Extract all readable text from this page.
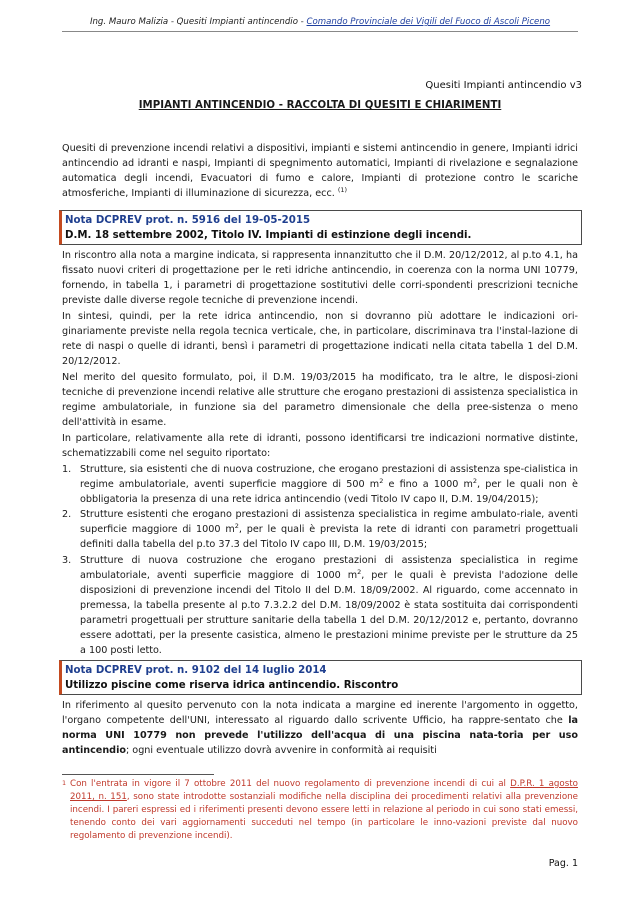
Ing. Mauro Malizia - Quesiti Impianti antincendio - Comando Provinciale dei Vigili del Fuoco di Ascoli Piceno
Quesiti Impianti antincendio v3
IMPIANTI ANTINCENDIO - RACCOLTA DI QUESITI E CHIARIMENTI
Quesiti di prevenzione incendi relativi a dispositivi, impianti e sistemi antincendio in genere, Impianti idrici antincendio ad idranti e naspi, Impianti di spegnimento automatici, Impianti di rivelazione e segnalazione automatica degli incendi, Evacuatori di fumo e calore, Impianti di protezione contro le scariche atmosferiche, Impianti di illuminazione di sicurezza, ecc. $^{(1)}$
Nota DCPREV prot. n. 5916 del 19-05-2015
D.M. 18 settembre 2002, Titolo IV. Impianti di estinzione degli incendi.
In riscontro alla nota a margine indicata, si rappresenta innanzitutto che il D.M. 20/12/2012, al p.to 4.1, ha fissato nuovi criteri di progettazione per le reti idriche antincendio, in coerenza con la norma UNI 10779, fornendo, in tabella 1, i parametri di progettazione sostitutivi delle corri-spondenti prescrizioni tecniche previste dalle diverse regole tecniche di prevenzione incendi.
In sintesi, quindi, per la rete idrica antincendio, non si dovranno più adottare le indicazioni ori-ginariamente previste nella regola tecnica verticale, che, in particolare, discriminava tra l'instal-lazione di rete di naspi o quelle di idranti, bensì i parametri di progettazione indicati nella citata tabella 1 del D.M. 20/12/2012.
Nel merito del quesito formulato, poi, il D.M. 19/03/2015 ha modificato, tra le altre, le disposi-zioni tecniche di prevenzione incendi relative alle strutture che erogano prestazioni di assistenza specialistica in regime ambulatoriale, in funzione sia del parametro dimensionale che della pree-sistenza o meno dell'attività in esame.
In particolare, relativamente alla rete di idranti, possono identificarsi tre indicazioni normative distinte, schematizzabili come nel seguito riportato:
1. Strutture, sia esistenti che di nuova costruzione, che erogano prestazioni di assistenza spe-cialistica in regime ambulatoriale, aventi superficie maggiore di 500 $m^2$ e fino a 1000 $m^2$, per le quali non è obbligatoria la presenza di una rete idrica antincendio (vedi Titolo IV capo II, D.M. 19/04/2015);
2. Strutture esistenti che erogano prestazioni di assistenza specialistica in regime ambulato-riale, aventi superficie maggiore di 1000 $m^2$, per le quali è prevista la rete di idranti con parametri progettuali definiti dalla tabella del p.to 37.3 del Titolo IV capo III, D.M. 19/03/2015;
3. Strutture di nuova costruzione che erogano prestazioni di assistenza specialistica in regime ambulatoriale, aventi superficie maggiore di 1000 $m^2$, per le quali è prevista l'adozione delle disposizioni di prevenzione incendi del Titolo II del D.M. 18/09/2002. Al riguardo, come accennato in premessa, la tabella presente al p.to 7.3.2.2 del D.M. 18/09/2002 è stata sostituita dai corrispondenti parametri progettuali per strutture sanitarie della tabella 1 del D.M. 20/12/2012 e, pertanto, dovranno essere adottati, per la presente casistica, almeno le prestazioni minime previste per le strutture da 25 a 100 posti letto.
Nota DCPREV prot. n. 9102 del 14 luglio 2014
Utilizzo piscine come riserva idrica antincendio. Riscontro
In riferimento al quesito pervenuto con la nota indicata a margine ed inerente l'argomento in oggetto, l'organo competente dell'UNI, interessato al riguardo dallo scrivente Ufficio, ha rappre-sentato che la norma UNI 10779 non prevede l'utilizzo dell'acqua di una piscina nata-toria per uso antincendio; ogni eventuale utilizzo dovrà avvenire in conformità ai requisiti
1 Con l'entrata in vigore il 7 ottobre 2011 del nuovo regolamento di prevenzione incendi di cui al D.P.R. 1 agosto 2011, n. 151, sono state introdotte sostanziali modifiche nella disciplina dei procedimenti relativi alla prevenzione incendi. I pareri espressi ed i riferimenti presenti devono essere letti in relazione al periodo in cui sono stati emessi, tenendo conto dei vari aggiornamenti succeduti nel tempo (in particolare le inno-vazioni previste dal nuovo regolamento di prevenzione incendi).
Pag. 1
